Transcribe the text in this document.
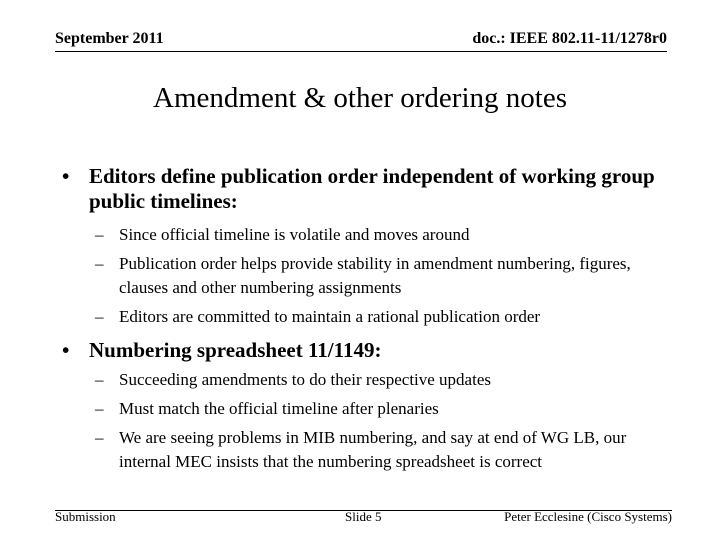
September 2011	doc.: IEEE 802.11-11/1278r0
Amendment & other ordering notes
• Editors define publication order independent of working group public timelines:
– Since official timeline is volatile and moves around
– Publication order helps provide stability in amendment numbering, figures, clauses and other numbering assignments
– Editors are committed to maintain a rational publication order
• Numbering spreadsheet 11/1149:
– Succeeding amendments to do their respective updates
– Must match the official timeline after plenaries
– We are seeing problems in MIB numbering, and say at end of WG LB, our internal MEC insists that the numbering spreadsheet is correct
Submission	Slide 5	Peter Ecclesine (Cisco Systems)
